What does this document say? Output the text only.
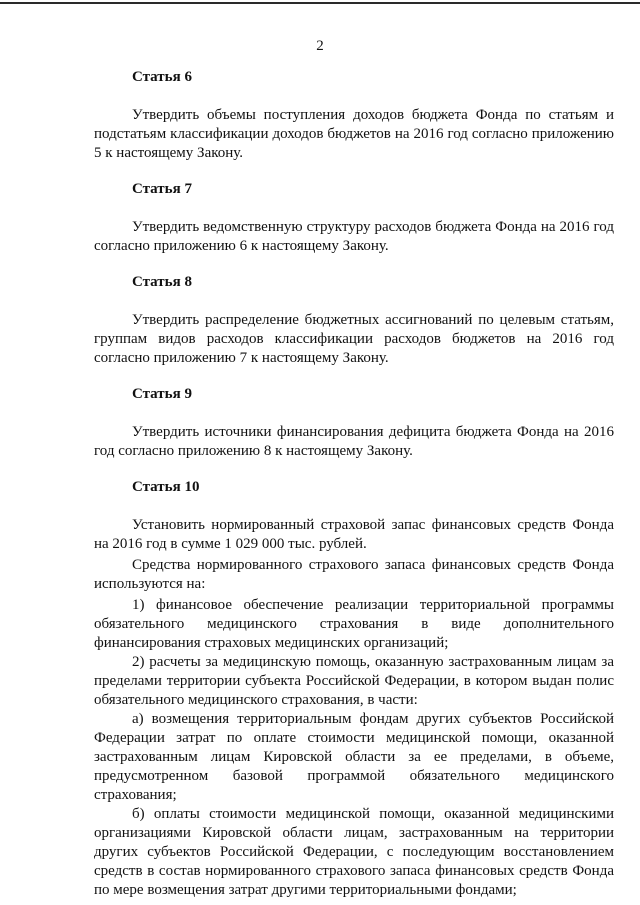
2
Статья 6

Утвердить объемы поступления доходов бюджета Фонда по статьям и подстатьям классификации доходов бюджетов на 2016 год согласно приложению 5 к настоящему Закону.

Статья 7

Утвердить ведомственную структуру расходов бюджета Фонда на 2016 год согласно приложению 6 к настоящему Закону.

Статья 8

Утвердить распределение бюджетных ассигнований по целевым статьям, группам видов расходов классификации расходов бюджетов на 2016 год согласно приложению 7 к настоящему Закону.

Статья 9

Утвердить источники финансирования дефицита бюджета Фонда на 2016 год согласно приложению 8 к настоящему Закону.

Статья 10

Установить нормированный страховой запас финансовых средств Фонда на 2016 год в сумме 1 029 000 тыс. рублей.

Средства нормированного страхового запаса финансовых средств Фонда используются на:

1) финансовое обеспечение реализации территориальной программы обязательного медицинского страхования в виде дополнительного финансирования страховых медицинских организаций;

2) расчеты за медицинскую помощь, оказанную застрахованным лицам за пределами территории субъекта Российской Федерации, в котором выдан полис обязательного медицинского страхования, в части:

а) возмещения территориальным фондам других субъектов Российской Федерации затрат по оплате стоимости медицинской помощи, оказанной застрахованным лицам Кировской области за ее пределами, в объеме, предусмотренном базовой программой обязательного медицинского страхования;

б) оплаты стоимости медицинской помощи, оказанной медицинскими организациями Кировской области лицам, застрахованным на территории других субъектов Российской Федерации, с последующим восстановлением средств в состав нормированного страхового запаса финансовых средств Фонда по мере возмещения затрат другими территориальными фондами;
